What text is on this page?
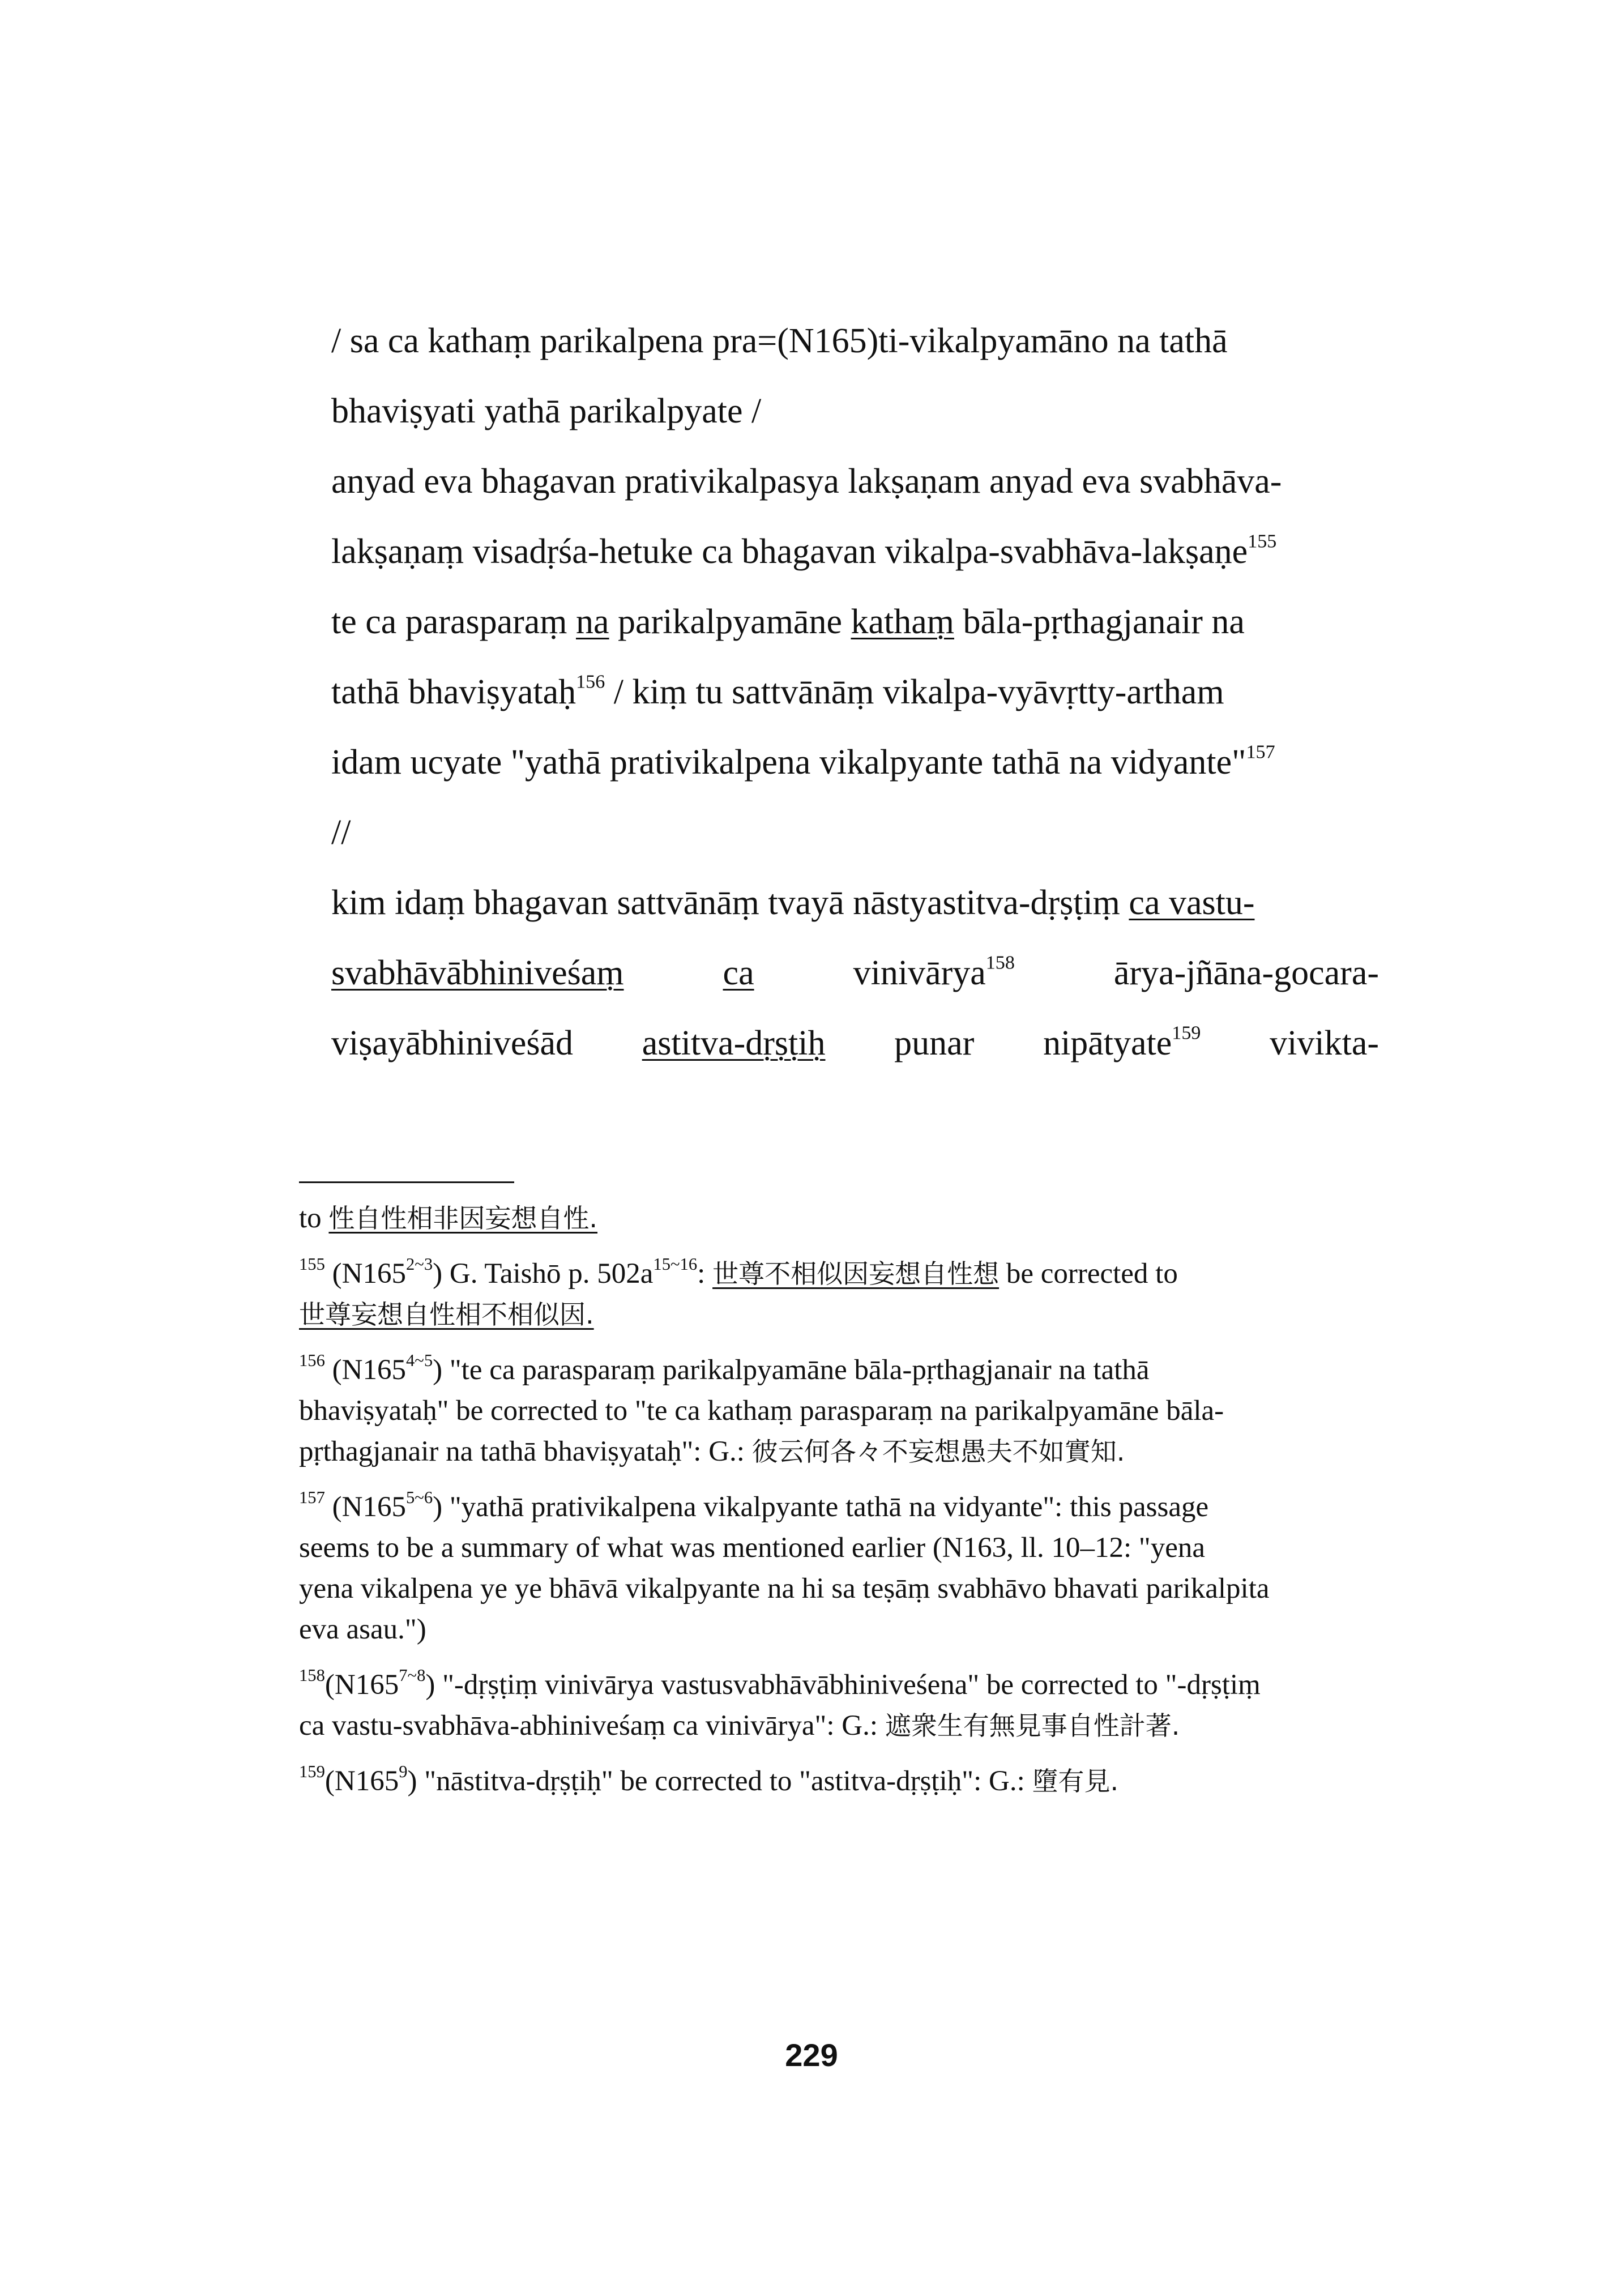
/ sa ca kathaṃ parikalpena pra=(N165)ti-vikalpyamāno na tathā
bhaviṣyati yathā parikalpyate /
anyad eva bhagavan prativikalpasya lakṣaṇam anyad eva svabhāva-
lakṣaṇaṃ visadṛśa-hetuke ca bhagavan vikalpa-svabhāva-lakṣaṇe$^{155}$
te ca parasparaṃ na parikalpyamāne kathaṃ bāla-pṛthagjanair na
tathā bhaviṣyataḥ$^{156}$ / kiṃ tu sattvānāṃ vikalpa-vyāvṛtty-artham
idam ucyate "yathā prativikalpena vikalpyante tathā na vidyante"$^{157}$
//
kim idaṃ bhagavan sattvānāṃ tvayā nāstyastitva-dṛṣṭiṃ ca vastu-
svabhāvābhiniveśaṃ	ca	vinivārya$^{158}$	ārya-jñāna-gocara-
viṣayābhiniveśād astitva-dṛṣṭiḥ punar nipātyate$^{159}$ vivikta-
to 性自性相非因妄想自性.
$^{155}$ $(N165^{2\sim 3})$ G. Taishō p. $502a^{15\sim 16}$: 世尊不相似因妄想自性想 be corrected to
世尊妄想自性相不相似因.
$^{156}$ $(N165^{4\sim 5})$ "te ca parasparaṃ parikalpyamāne bāla-pṛthagjanair na tathā
bhaviṣyataḥ" be corrected to "te ca kathaṃ parasparaṃ na parikalpyamāne bāla-
pṛthagjanair na tathā bhaviṣyataḥ": G.: 彼云何各々不妄想愚夫不如實知.
$^{157}$ $(N165^{5\sim 6})$ "yathā prativikalpena vikalpyante tathā na vidyante": this passage
seems to be a summary of what was mentioned earlier (N163, ll. 10–12: "yena
yena vikalpena ye ye bhāvā vikalpyante na hi sa teṣāṃ svabhāvo bhavati parikalpita
eva asau.")
$^{158}(N165^{7\sim 8})$ "-dṛṣṭiṃ vinivārya vastusvabhāvābhiniveśena" be corrected to "-dṛṣṭiṃ
ca vastu-svabhāva-abhiniveśaṃ ca vinivārya": G.: 遮衆生有無見事自性計著.
$^{159}(N165^9)$ "nāstitva-dṛṣṭiḥ" be corrected to "astitva-dṛṣṭiḥ": G.: 墮有見.
229
